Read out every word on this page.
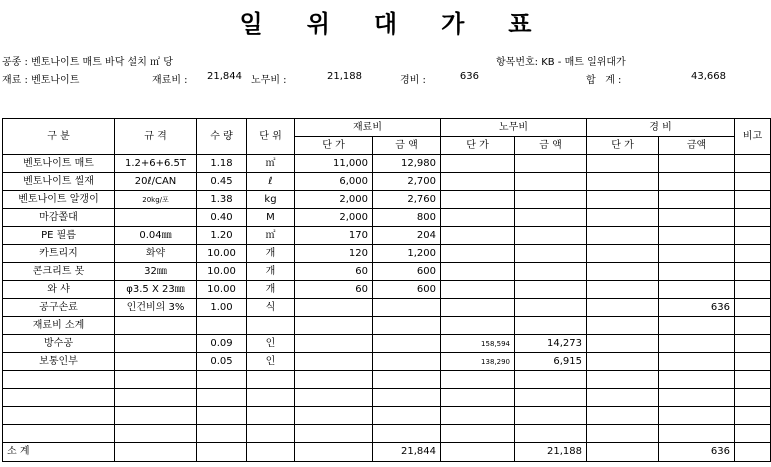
일위대가표
공종 : 벤토나이트 매트 바닥 설치 ㎡ 당	항목번호: KB - 매트 일위대가
재료 : 벤토나이트	재료비 :	21,844 노무비 :	21,188	경비 :	636	합   계 :	43,668
구 분	규 격	수 량	단 위	재료비		노무비		경 비		비고
				단 가	금 액	단 가	금 액	단 가	금액	
벤토나이트 매트	1.2+6+6.5T	1.18	㎡	11,000	12,980					
벤토나이트 씰재	20ℓ/CAN	0.45	ℓ	6,000	2,700					
벤토나이트 알갱이	20kg/포	1.38	kg	2,000	2,760					
마감쫄대		0.40	M	2,000	800					
PE 필름	0.04㎜	1.20	㎡	170	204					
카트리지	화약	10.00	개	120	1,200					
콘크리트 못	32㎜	10.00	개	60	600					
와 샤	φ3.5 X 23㎜	10.00	개	60	600					
공구손료	인건비의 3%	1.00	식						636	
재료비 소계										
방수공		0.09	인			158,594	14,273			
보통인부		0.05	인			138,290	6,915			

소 계					21,844		21,188		636	
